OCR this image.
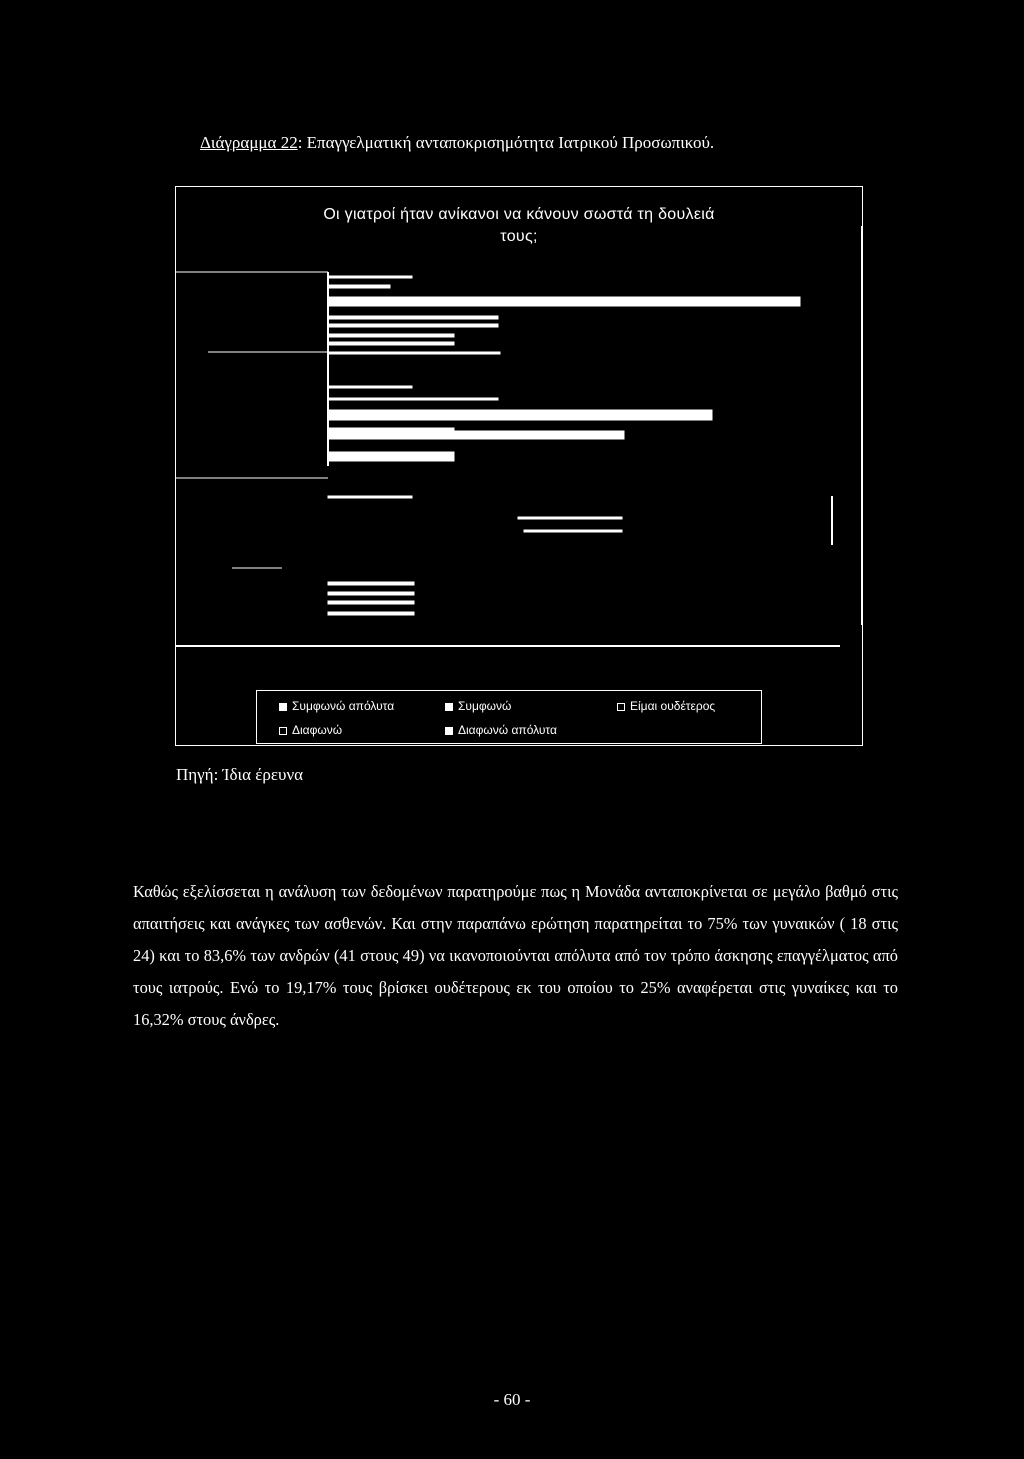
Διάγραμμα 22: Επαγγελματική ανταποκρισημότητα Ιατρικού Προσωπικού.
Οι γιατροί ήταν ανίκανοι να κάνουν σωστά τη δουλειά
τους;
Συμφωνώ απόλυτα	Συμφωνώ	Είμαι ουδέτερος
Διαφωνώ	Διαφωνώ απόλυτα
Πηγή: Ίδια έρευνα
Καθώς εξελίσσεται η ανάλυση των δεδομένων παρατηρούμε πως η Μονάδα ανταποκρίνεται σε μεγάλο βαθμό στις απαιτήσεις και ανάγκες των ασθενών. Και στην παραπάνω ερώτηση παρατηρείται το 75% των γυναικών ( 18 στις 24) και το 83,6% των ανδρών (41 στους 49) να ικανοποιούνται απόλυτα από τον τρόπο άσκησης επαγγέλματος από τους ιατρούς. Ενώ το 19,17% τους βρίσκει ουδέτερους εκ του οποίου το 25% αναφέρεται στις γυναίκες και το 16,32% στους άνδρες.
- 60 -
